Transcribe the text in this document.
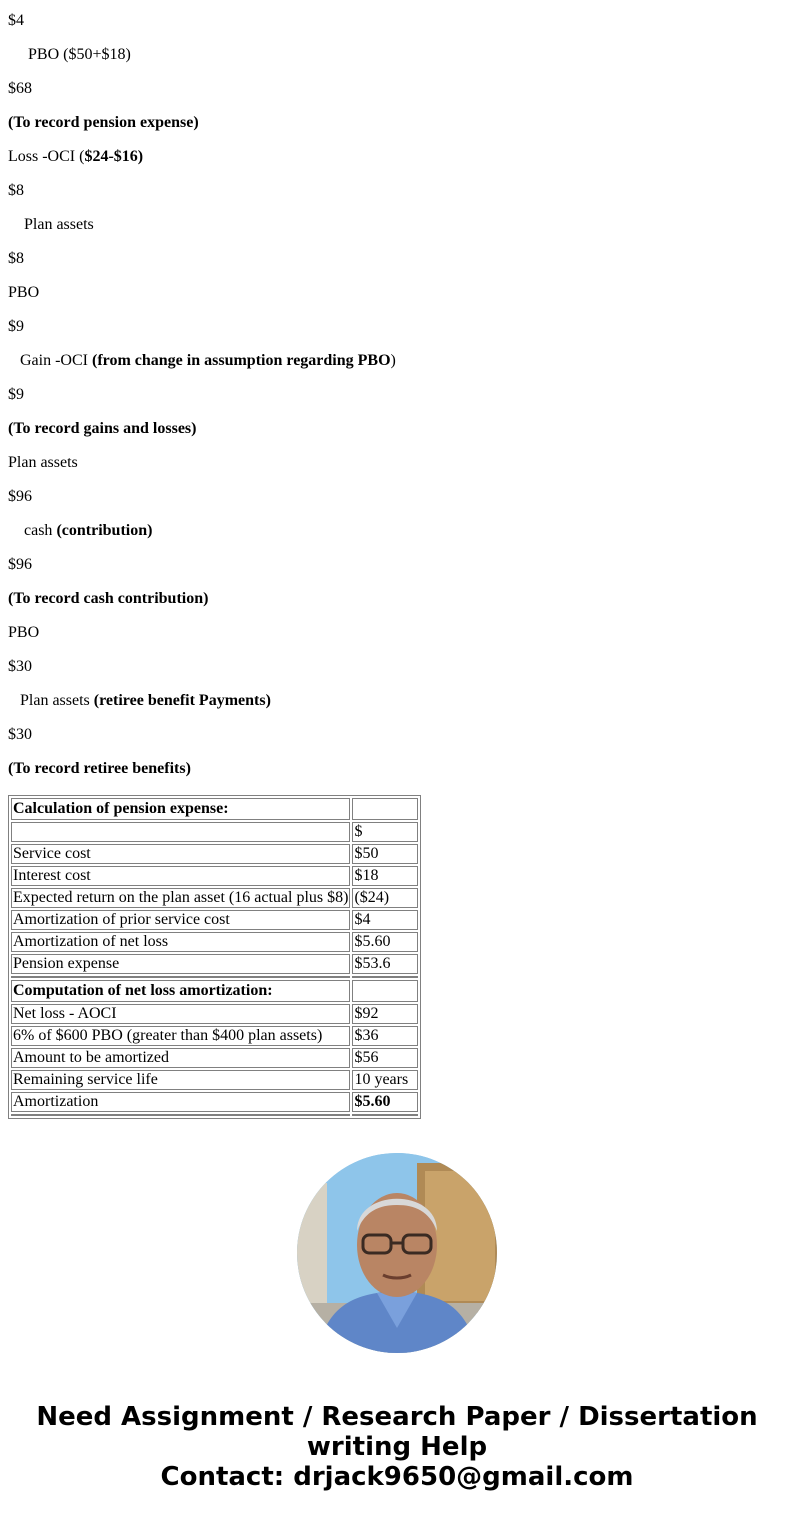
$4
PBO ($50+$18)
$68
(To record pension expense)
Loss -OCI ($24-$16)
$8
Plan assets
$8
PBO
$9
Gain -OCI (from change in assumption regarding PBO)
$9
(To record gains and losses)
Plan assets
$96
cash (contribution)
$96
(To record cash contribution)
PBO
$30
Plan assets (retiree benefit Payments)
$30
(To record retiree benefits)
Calculation of pension expense:	
	$
Service cost	$50
Interest cost	$18
Expected return on the plan asset (16 actual plus $8)	($24)
Amortization of prior service cost	$4
Amortization of net loss	$5.60
Pension expense	$53.6

Computation of net loss amortization:	
Net loss - AOCI	$92
6% of $600 PBO (greater than $400 plan assets)	$36
Amount to be amortized	$56
Remaining service life	10 years
Amortization	$5.60

Need Assignment / Research Paper / Dissertation
writing Help
Contact: drjack9650@gmail.com
